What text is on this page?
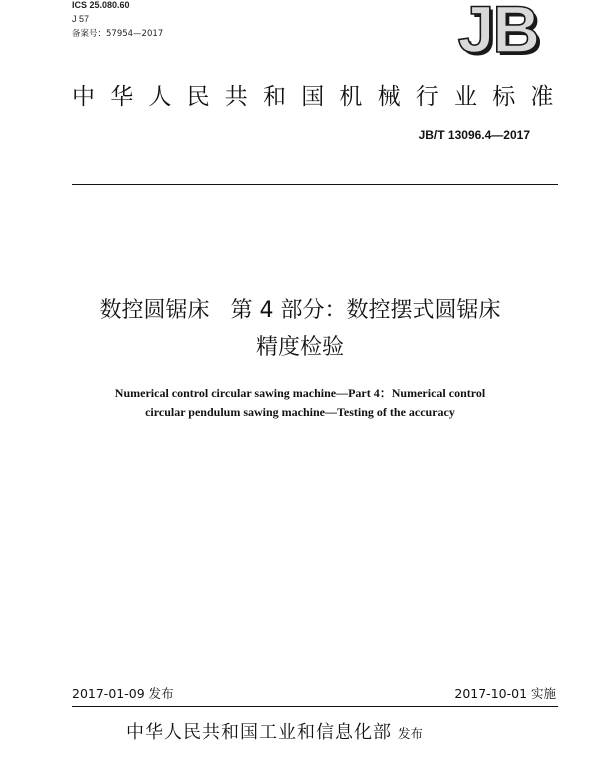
ICS 25.080.60
J 57
备案号：57954—2017	JB
中华人民共和国机械行业标准
JB/T 13096.4—2017
数控圆锯床   第 4 部分：数控摆式圆锯床
精度检验
Numerical control circular sawing machine—Part 4：Numerical control
circular pendulum sawing machine—Testing of the accuracy
2017-01-09 发布	2017-10-01 实施
中华人民共和国工业和信息化部 发布
